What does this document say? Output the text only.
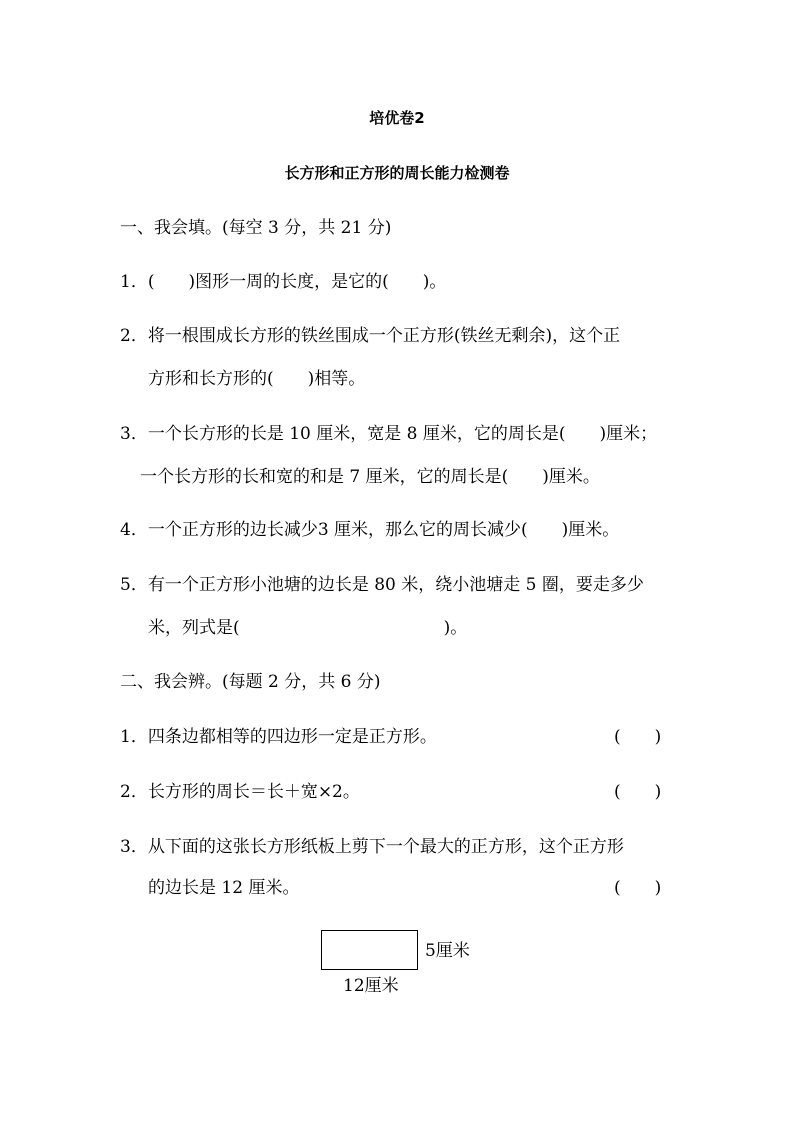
培优卷2
长方形和正方形的周长能力检测卷
一、我会填。(每空 3 分，共 21 分)
1．(　　)图形一周的长度，是它的(　　)。
2．将一根围成长方形的铁丝围成一个正方形(铁丝无剩余)，这个正
方形和长方形的(　　)相等。
3．一个长方形的长是 10 厘米，宽是 8 厘米，它的周长是(　　)厘米；
一个长方形的长和宽的和是 7 厘米，它的周长是(　　)厘米。
4．一个正方形的边长减少3 厘米，那么它的周长减少(　　)厘米。
5．有一个正方形小池塘的边长是 80 米，绕小池塘走 5 圈，要走多少
米，列式是(　　　　　　　　　　　　)。
二、我会辨。(每题 2 分，共 6 分)
1．四条边都相等的四边形一定是正方形。	(　　)
2．长方形的周长＝长＋宽×2。	(　　)
3．从下面的这张长方形纸板上剪下一个最大的正方形，这个正方形
的边长是 12 厘米。	(　　)
5厘米
12厘米
